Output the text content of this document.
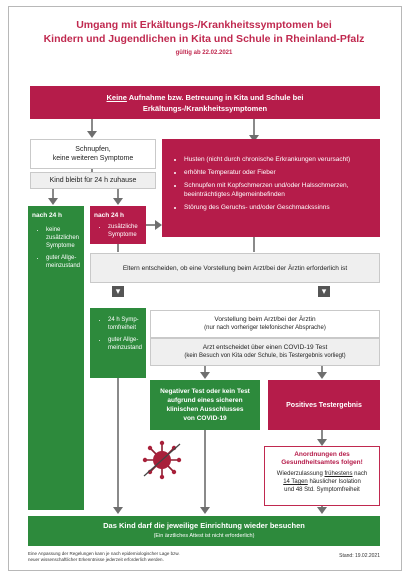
Umgang mit Erkältungs-/Krankheitssymptomen bei
Kindern und Jugendlichen in Kita und Schule in Rheinland-Pfalz
gültig ab 22.02.2021
Keine Aufnahme bzw. Betreuung in Kita und Schule bei
Erkältungs-/Krankheitssymptomen
Schnupfen,
keine weiteren Symptome
Kind bleibt für 24 h zuhause
• Husten (nicht durch chronische Erkrankungen verursacht)
• erhöhte Temperatur oder Fieber
• Schnupfen mit Kopfschmerzen und/oder Halsschmerzen, beeinträchtigtes Allgemeinbefinden
• Störung des Geruchs- und/oder Geschmackssinns
nach 24 h
• keine zusätzlichen Symptome
• guter Allge-meinzustand
nach 24 h
• zusätzliche Symptome
Eltern entscheiden, ob eine Vorstellung beim Arzt/bei der Ärztin erforderlich ist
▾	▾
• 24 h Symp-tomfreiheit
• guter Allge-meinzustand
Vorstellung beim Arzt/bei der Ärztin
(nur nach vorheriger telefonischer Absprache)
Arzt entscheidet über einen COVID-19 Test
(kein Besuch von Kita oder Schule, bis Testergebnis vorliegt)
Negativer Test oder kein Test
aufgrund eines sicheren
klinischen Ausschlusses
von COVID-19
Positives Testergebnis
Anordnungen des
Gesundheitsamtes folgen!
Wiederzulassung frühestens nach
14 Tagen häuslicher Isolation
und 48 Std. Symptomfreiheit
Das Kind darf die jeweilige Einrichtung wieder besuchen
(Ein ärztliches Attest ist nicht erforderlich)
Eine Anpassung der Regelungen kann je nach epidemiologischer Lage bzw.
neuer wissenschaftlicher Erkenntnisse jederzeit erforderlich werden.	Stand: 19.02.2021
